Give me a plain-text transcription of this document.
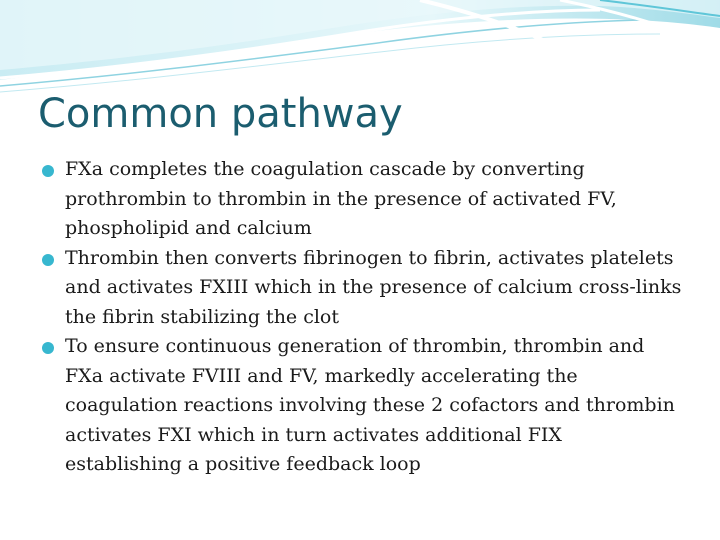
Common pathway
FXa completes the coagulation cascade by converting prothrombin to thrombin in the presence of activated FV, phospholipid and calcium
Thrombin then converts fibrinogen to fibrin, activates platelets and activates FXIII which in the presence of calcium cross-links the fibrin stabilizing the clot
To ensure continuous generation of thrombin, thrombin and FXa activate FVIII and FV, markedly accelerating the coagulation reactions involving these 2 cofactors and thrombin activates FXI which in turn activates additional FIX establishing a positive feedback loop
